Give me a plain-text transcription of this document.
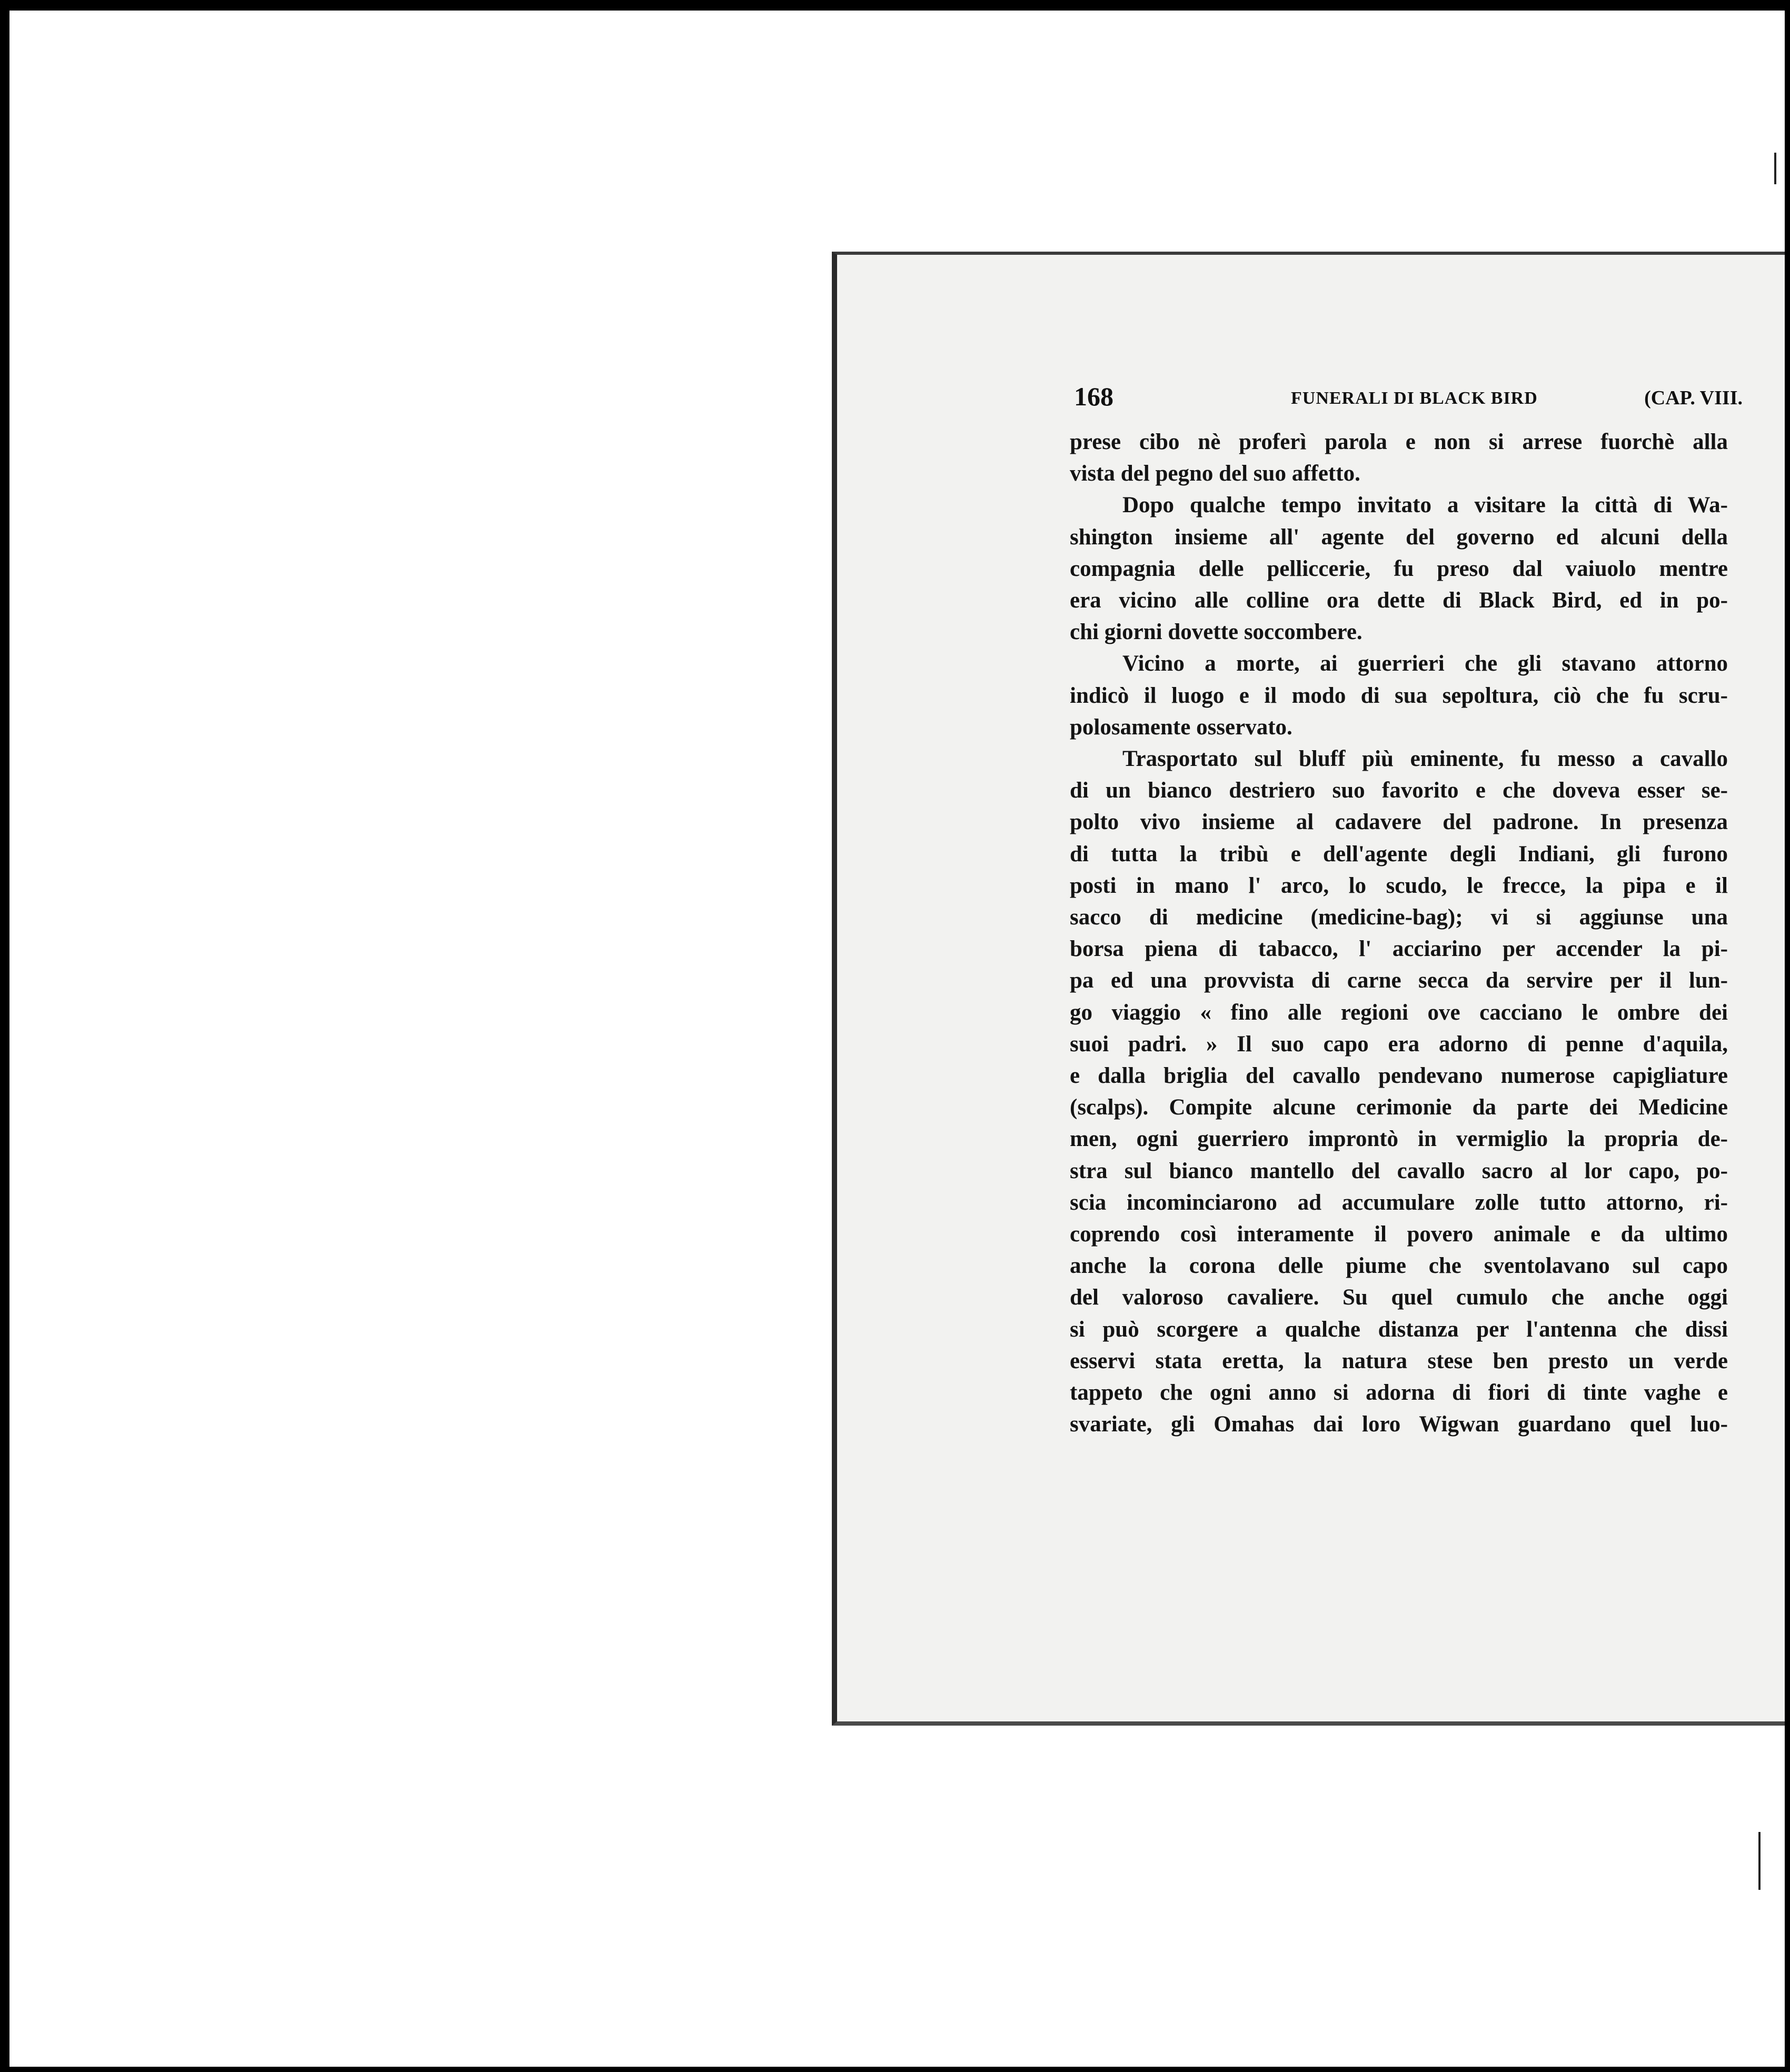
168	FUNERALI DI BLACK BIRD	(CAP. VIII.
prese cibo nè proferì parola e non si arrese fuorchè alla
vista del pegno del suo affetto.
Dopo qualche tempo invitato a visitare la città di Wa-
shington insieme all' agente del governo ed alcuni della
compagnia delle pelliccerie, fu preso dal vaiuolo mentre
era vicino alle colline ora dette di Black Bird, ed in po-
chi giorni dovette soccombere.
Vicino a morte, ai guerrieri che gli stavano attorno
indicò il luogo e il modo di sua sepoltura, ciò che fu scru-
polosamente osservato.
Trasportato sul bluff più eminente, fu messo a cavallo
di un bianco destriero suo favorito e che doveva esser se-
polto vivo insieme al cadavere del padrone. In presenza
di tutta la tribù e dell'agente degli Indiani, gli furono
posti in mano l' arco, lo scudo, le frecce, la pipa e il
sacco di medicine (medicine-bag); vi si aggiunse una
borsa piena di tabacco, l' acciarino per accender la pi-
pa ed una provvista di carne secca da servire per il lun-
go viaggio « fino alle regioni ove cacciano le ombre dei
suoi padri. » Il suo capo era adorno di penne d'aquila,
e dalla briglia del cavallo pendevano numerose capigliature
(scalps). Compite alcune cerimonie da parte dei Medicine
men, ogni guerriero improntò in vermiglio la propria de-
stra sul bianco mantello del cavallo sacro al lor capo, po-
scia incominciarono ad accumulare zolle tutto attorno, ri-
coprendo così interamente il povero animale e da ultimo
anche la corona delle piume che sventolavano sul capo
del valoroso cavaliere. Su quel cumulo che anche oggi
si può scorgere a qualche distanza per l'antenna che dissi
esservi stata eretta, la natura stese ben presto un verde
tappeto che ogni anno si adorna di fiori di tinte vaghe e
svariate, gli Omahas dai loro Wigwan guardano quel luo-
